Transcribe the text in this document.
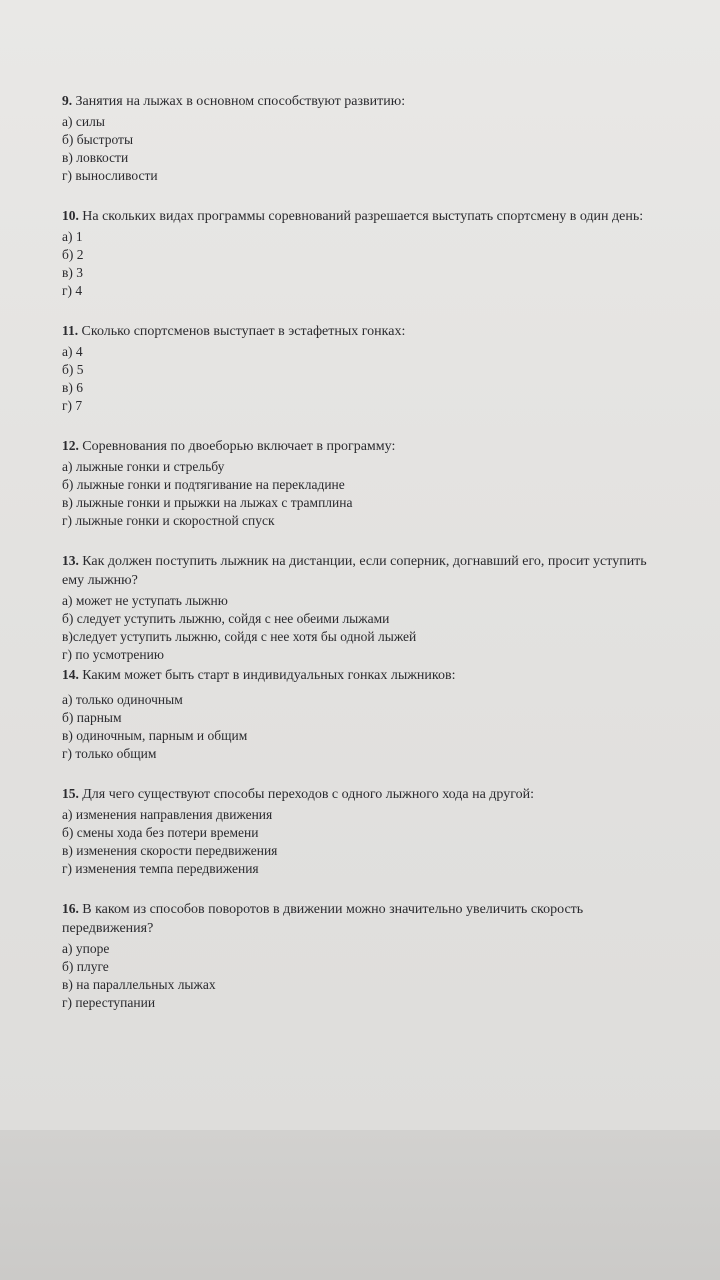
9. Занятия на лыжах в основном способствуют развитию:

а) силы

б) быстроты

в) ловкости

г) выносливости

10. На скольких видах программы соревнований разрешается выступать спортсмену в один день:

а) 1

б) 2

в) 3

г) 4

11. Сколько спортсменов выступает в эстафетных гонках:

а) 4

б) 5

в) 6

г) 7

12. Соревнования по двоеборью включает в программу:

а) лыжные гонки и стрельбу

б) лыжные гонки и подтягивание на перекладине

в) лыжные гонки и прыжки на лыжах с трамплина

г) лыжные гонки и скоростной спуск

13. Как должен поступить лыжник на дистанции, если соперник, догнавший его, просит уступить ему лыжню?

а) может не уступать лыжню

б) следует уступить лыжню, сойдя с нее обеими лыжами

в)следует уступить лыжню, сойдя с нее хотя бы одной лыжей

г) по усмотрению

14. Каким может быть старт в индивидуальных гонках лыжников:

а) только одиночным

б) парным

в) одиночным, парным и общим

г) только общим

15. Для чего существуют способы переходов с одного лыжного хода на другой:

а) изменения направления движения

б) смены хода без потери времени

в) изменения скорости передвижения

г) изменения темпа передвижения

16. В каком из способов поворотов в движении можно значительно увеличить скорость передвижения?

а) упоре

б) плуге

в) на параллельных лыжах

г) переступании
